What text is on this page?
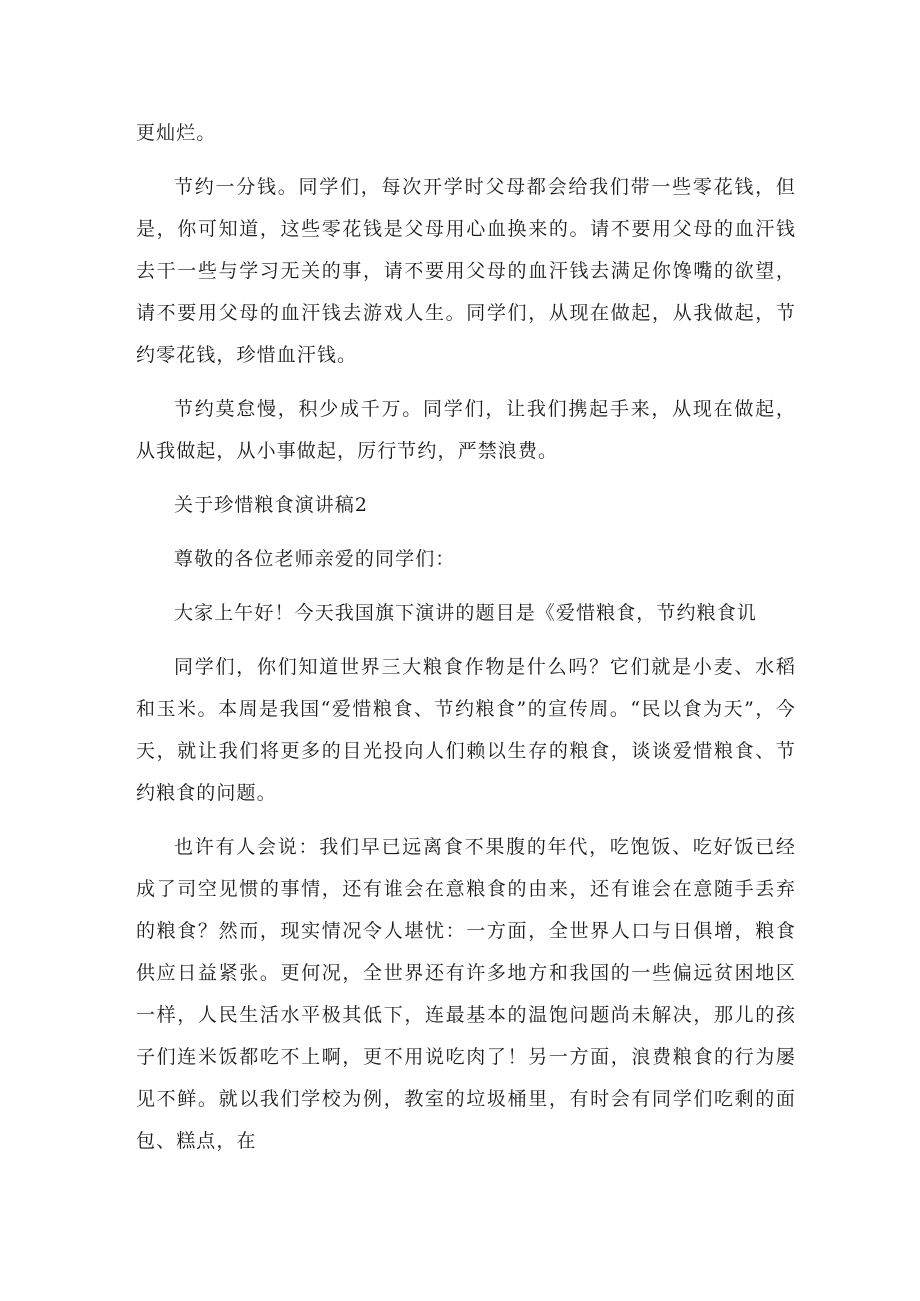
更灿烂。

节约一分钱。同学们，每次开学时父母都会给我们带一些零花钱，但是，你可知道，这些零花钱是父母用心血换来的。请不要用父母的血汗钱去干一些与学习无关的事，请不要用父母的血汗钱去满足你馋嘴的欲望，请不要用父母的血汗钱去游戏人生。同学们，从现在做起，从我做起，节约零花钱，珍惜血汗钱。

节约莫怠慢，积少成千万。同学们，让我们携起手来，从现在做起，从我做起，从小事做起，厉行节约，严禁浪费。

关于珍惜粮食演讲稿2

尊敬的各位老师亲爱的同学们：

大家上午好！今天我国旗下演讲的题目是《爱惜粮食，节约粮食讥

同学们，你们知道世界三大粮食作物是什么吗？它们就是小麦、水稻和玉米。本周是我国“爱惜粮食、节约粮食”的宣传周。“民以食为天”，今天，就让我们将更多的目光投向人们赖以生存的粮食，谈谈爱惜粮食、节约粮食的问题。

也许有人会说：我们早已远离食不果腹的年代，吃饱饭、吃好饭已经成了司空见惯的事情，还有谁会在意粮食的由来，还有谁会在意随手丢弃的粮食？然而，现实情况令人堪忧：一方面，全世界人口与日俱增，粮食供应日益紧张。更何况，全世界还有许多地方和我国的一些偏远贫困地区一样，人民生活水平极其低下，连最基本的温饱问题尚未解决，那儿的孩子们连米饭都吃不上啊，更不用说吃肉了！另一方面，浪费粮食的行为屡见不鲜。就以我们学校为例，教室的垃圾桶里，有时会有同学们吃剩的面包、糕点，在
